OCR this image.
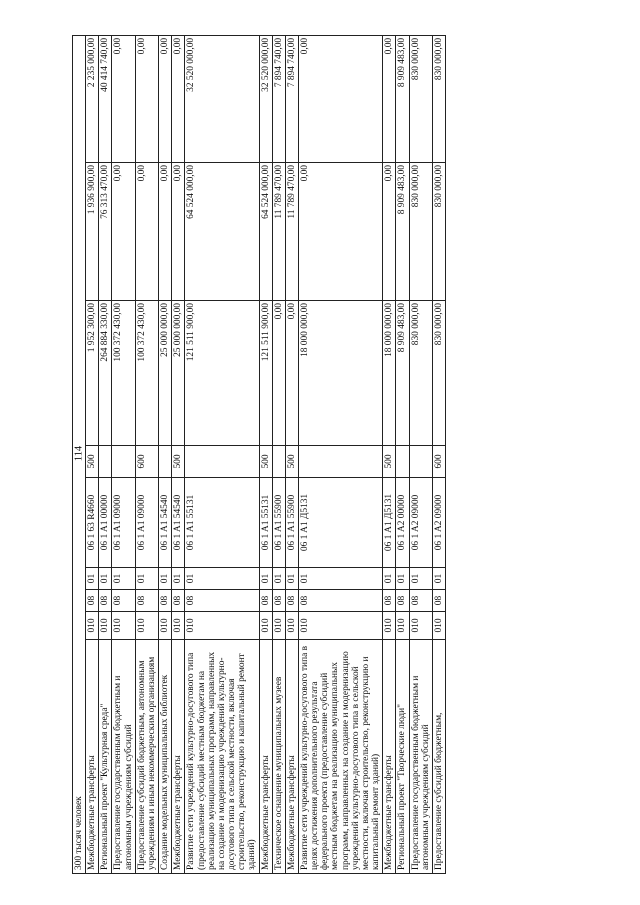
114
300 тысяч человек								
Межбюджетные трансферты	010	08	01	06 1 63 R4660	500	1 952 300,00	1 936 900,00	2 235 000,00
Региональный проект "Культурная среда"	010	08	01	06 1 A1 00000		264 884 330,00	76 313 470,00	40 414 740,00
Предоставление государственным бюджетным и автономным учреждениям субсидий	010	08	01	06 1 A1 09000		100 372 430,00	0,00	0,00
Предоставление субсидий бюджетным, автономным учреждениям и иным некоммерческим организациям	010	08	01	06 1 A1 09000	600	100 372 430,00	0,00	0,00
Создание модельных муниципальных библиотек	010	08	01	06 1 A1 54540		25 000 000,00	0,00	0,00
Межбюджетные трансферты	010	08	01	06 1 A1 54540	500	25 000 000,00	0,00	0,00
Развитие сети учреждений культурно-досугового типа (предоставление субсидий местным бюджетам на реализацию муниципальных программ, направленных на создание и модернизацию учреждений культурно-досугового типа в сельской местности, включая строительство, реконструкцию и капитальный ремонт зданий)	010	08	01	06 1 A1 55131		121 511 900,00	64 524 000,00	32 520 000,00
Межбюджетные трансферты	010	08	01	06 1 A1 55131	500	121 511 900,00	64 524 000,00	32 520 000,00
Техническое оснащение муниципальных музеев	010	08	01	06 1 A1 55900		0,00	11 789 470,00	7 894 740,00
Межбюджетные трансферты	010	08	01	06 1 A1 55900	500	0,00	11 789 470,00	7 894 740,00
Развитие сети учреждений культурно-досугового типа в целях достижения дополнительного результата федерального проекта (предоставление субсидий местным бюджетам на реализацию муниципальных программ, направленных на создание и модернизацию учреждений культурно-досугового типа в сельской местности, включая строительство, реконструкцию и капитальный ремонт зданий)	010	08	01	06 1 A1 Д5131		18 000 000,00	0,00	0,00
Межбюджетные трансферты	010	08	01	06 1 A1 Д5131	500	18 000 000,00	0,00	0,00
Региональный проект "Творческие люди"	010	08	01	06 1 A2 00000		8 909 483,00	8 909 483,00	8 909 483,00
Предоставление государственным бюджетным и автономным учреждениям субсидий	010	08	01	06 1 A2 09000		830 000,00	830 000,00	830 000,00
Предоставление субсидий бюджетным,	010	08	01	06 1 A2 09000	600	830 000,00	830 000,00	830 000,00
